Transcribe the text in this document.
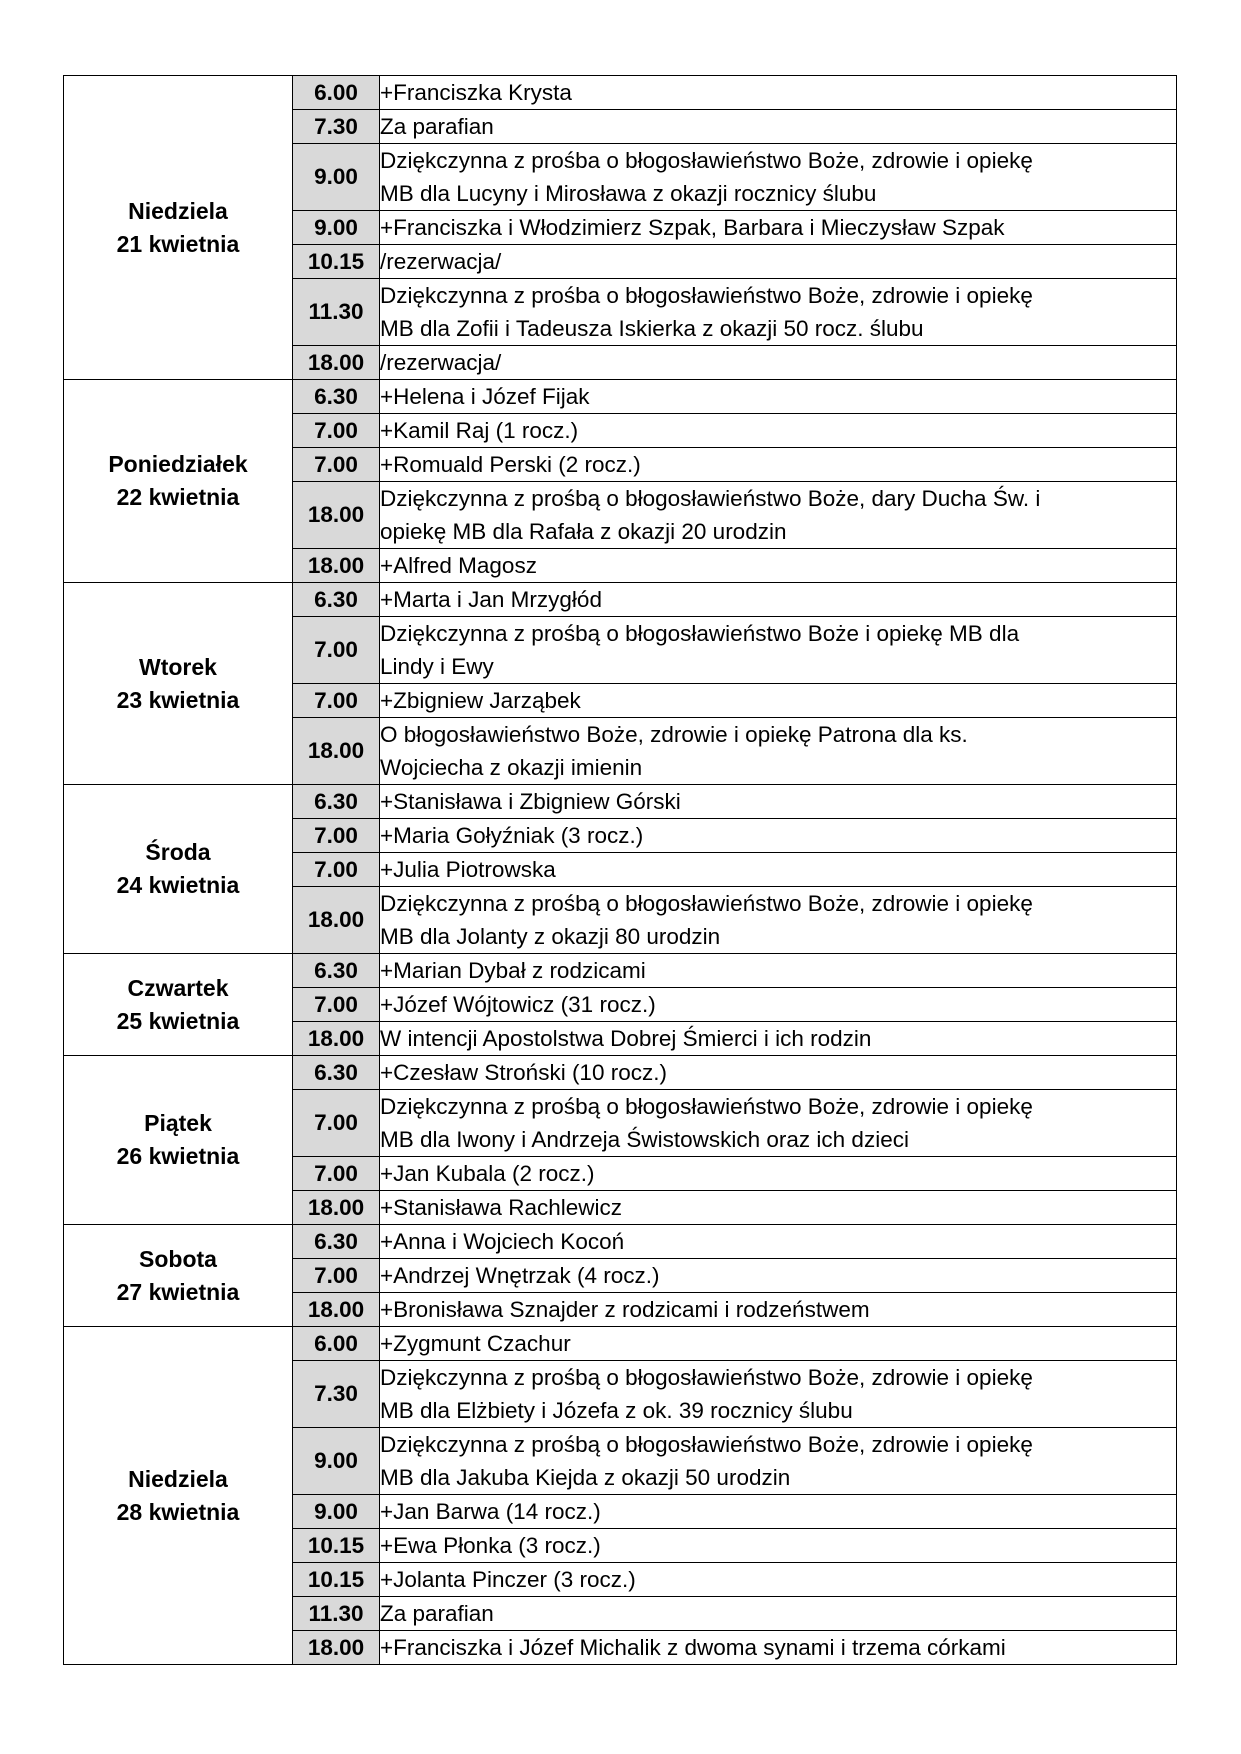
Niedziela
21 kwietnia	6.00	+Franciszka Krysta
	7.30	Za parafian
	9.00	Dziękczynna z prośba o błogosławieństwo Boże, zdrowie i opiekę
MB dla Lucyny i Mirosława z okazji rocznicy ślubu
	9.00	+Franciszka i Włodzimierz Szpak, Barbara i Mieczysław Szpak
	10.15	/rezerwacja/
	11.30	Dziękczynna z prośba o błogosławieństwo Boże, zdrowie i opiekę
MB dla Zofii i Tadeusza Iskierka z okazji 50 rocz. ślubu
	18.00	/rezerwacja/

Poniedziałek
22 kwietnia	6.30	+Helena i Józef Fijak
	7.00	+Kamil Raj (1 rocz.)
	7.00	+Romuald Perski (2 rocz.)
	18.00	Dziękczynna z prośbą o błogosławieństwo Boże, dary Ducha Św. i
opiekę MB dla Rafała z okazji 20 urodzin
	18.00	+Alfred Magosz

Wtorek
23 kwietnia	6.30	+Marta i Jan Mrzygłód
	7.00	Dziękczynna z prośbą o błogosławieństwo Boże i opiekę MB dla
Lindy i Ewy
	7.00	+Zbigniew Jarząbek
	18.00	O błogosławieństwo Boże, zdrowie i opiekę Patrona dla ks.
Wojciecha z okazji imienin

Środa
24 kwietnia	6.30	+Stanisława i Zbigniew Górski
	7.00	+Maria Gołyźniak (3 rocz.)
	7.00	+Julia Piotrowska
	18.00	Dziękczynna z prośbą o błogosławieństwo Boże, zdrowie i opiekę
MB dla Jolanty z okazji 80 urodzin

Czwartek
25 kwietnia	6.30	+Marian Dybał z rodzicami
	7.00	+Józef Wójtowicz (31 rocz.)
	18.00	W intencji Apostolstwa Dobrej Śmierci i ich rodzin

Piątek
26 kwietnia	6.30	+Czesław Stroński (10 rocz.)
	7.00	Dziękczynna z prośbą o błogosławieństwo Boże, zdrowie i opiekę
MB dla Iwony i Andrzeja Świstowskich oraz ich dzieci
	7.00	+Jan Kubala (2 rocz.)
	18.00	+Stanisława Rachlewicz

Sobota
27 kwietnia	6.30	+Anna i Wojciech Kocoń
	7.00	+Andrzej Wnętrzak (4 rocz.)
	18.00	+Bronisława Sznajder z rodzicami i rodzeństwem

Niedziela
28 kwietnia	6.00	+Zygmunt Czachur
	7.30	Dziękczynna z prośbą o błogosławieństwo Boże, zdrowie i opiekę
MB dla Elżbiety i Józefa z ok. 39 rocznicy ślubu
	9.00	Dziękczynna z prośbą o błogosławieństwo Boże, zdrowie i opiekę
MB dla Jakuba Kiejda z okazji 50 urodzin
	9.00	+Jan Barwa (14 rocz.)
	10.15	+Ewa Płonka (3 rocz.)
	10.15	+Jolanta Pinczer (3 rocz.)
	11.30	Za parafian
	18.00	+Franciszka i Józef Michalik z dwoma synami i trzema córkami
